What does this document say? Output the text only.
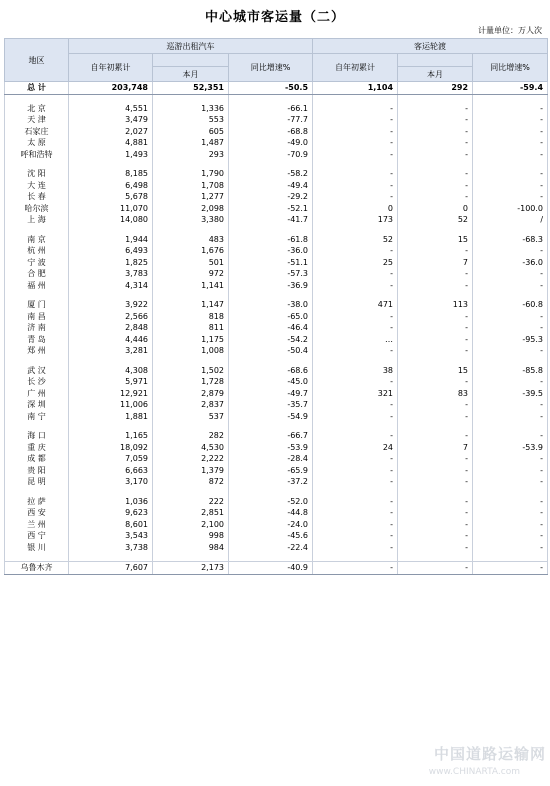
中心城市客运量（二）
计量单位：万人次
地区	巡游出租汽车			客运轮渡		
	自年初累计		同比增速%	自年初累计		同比增速%
		本月			本月	
总 计	203,748	52,351	-50.5	1,104	292	-59.4

北 京	4,551	1,336	-66.1	-	-	-
天 津	3,479	553	-77.7	-	-	-
石家庄	2,027	605	-68.8	-	-	-
太 原	4,881	1,487	-49.0	-	-	-
呼和浩特	1,493	293	-70.9	-	-	-

沈 阳	8,185	1,790	-58.2	-	-	-
大 连	6,498	1,708	-49.4	-	-	-
长 春	5,678	1,277	-29.2	-	-	-
哈尔滨	11,070	2,098	-52.1	0	0	-100.0
上 海	14,080	3,380	-41.7	173	52	/

南 京	1,944	483	-61.8	52	15	-68.3
杭 州	6,493	1,676	-36.0	-	-	-
宁 波	1,825	501	-51.1	25	7	-36.0
合 肥	3,783	972	-57.3	-	-	-
福 州	4,314	1,141	-36.9	-	-	-

厦 门	3,922	1,147	-38.0	471	113	-60.8
南 昌	2,566	818	-65.0	-	-	-
济 南	2,848	811	-46.4	-	-	-
青 岛	4,446	1,175	-54.2	…	-	-95.3
郑 州	3,281	1,008	-50.4	-	-	-

武 汉	4,308	1,502	-68.6	38	15	-85.8
长 沙	5,971	1,728	-45.0	-	-	-
广 州	12,921	2,879	-49.7	321	83	-39.5
深 圳	11,006	2,837	-35.7	-	-	-
南 宁	1,881	537	-54.9	-	-	-

海 口	1,165	282	-66.7	-	-	-
重 庆	18,092	4,530	-53.9	24	7	-53.9
成 都	7,059	2,222	-28.4	-	-	-
贵 阳	6,663	1,379	-65.9	-	-	-
昆 明	3,170	872	-37.2	-	-	-

拉 萨	1,036	222	-52.0	-	-	-
西 安	9,623	2,851	-44.8	-	-	-
兰 州	8,601	2,100	-24.0	-	-	-
西 宁	3,543	998	-45.6	-	-	-
银 川	3,738	984	-22.4	-	-	-

乌鲁木齐	7,607	2,173	-40.9	-	-	-
中国道路运输网
www.CHINARTA.com
